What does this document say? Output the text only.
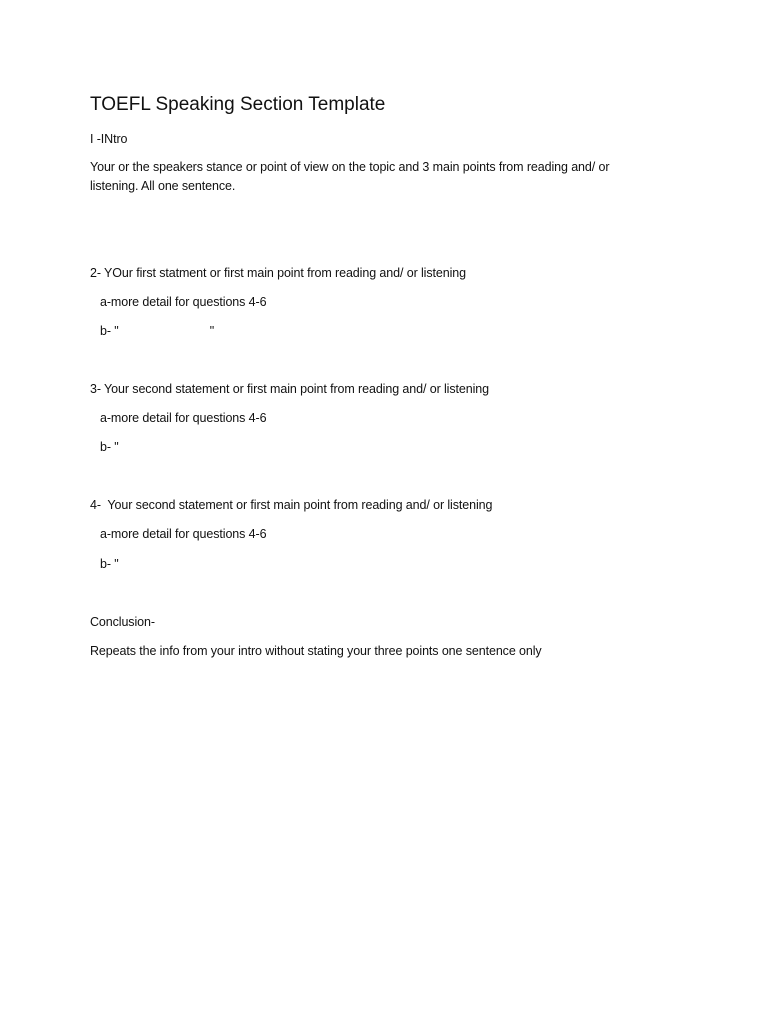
TOEFL Speaking Section Template

I -INtro

Your or the speakers stance or point of view on the topic and 3 main points from reading and/ or listening. All one sentence.

2- YOur first statment or first main point from reading and/ or listening

a-more detail for questions 4-6

b- "                           "

3- Your second statement or first main point from reading and/ or listening

a-more detail for questions 4-6

b- "

4-  Your second statement or first main point from reading and/ or listening

a-more detail for questions 4-6

b- "

Conclusion-

Repeats the info from your intro without stating your three points one sentence only
